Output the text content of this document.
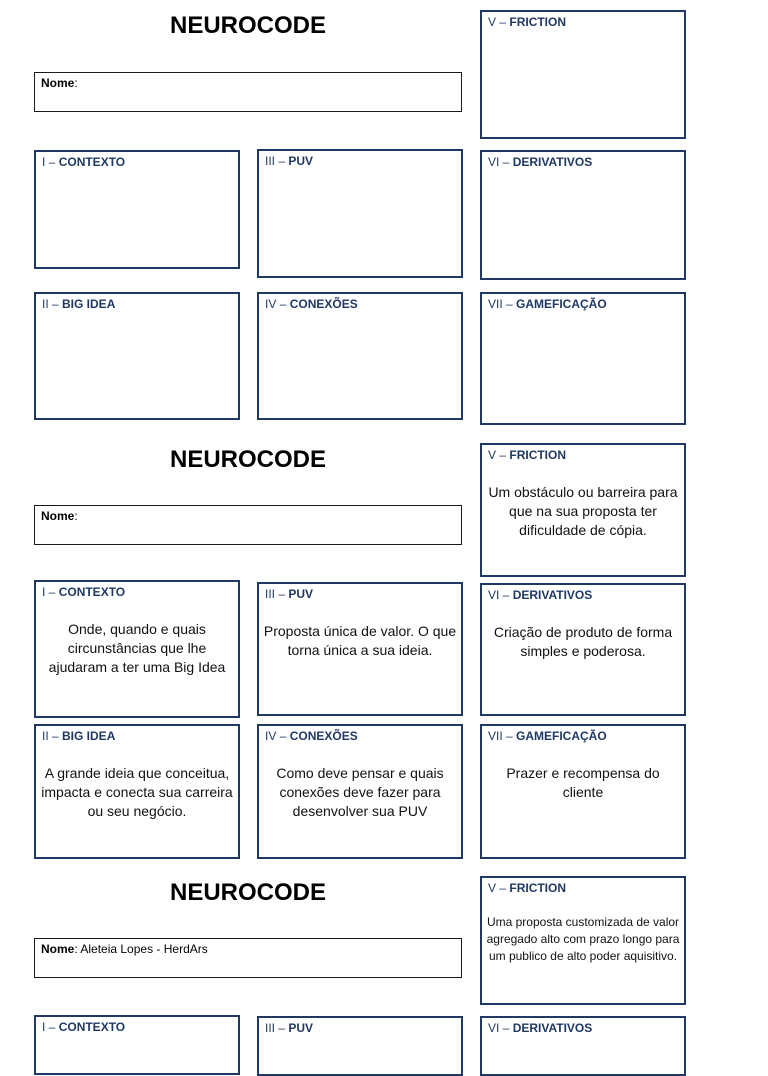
NEUROCODE
Nome:
I – CONTEXTO
II – BIG IDEA
III – PUV
IV – CONEXÕES
V – FRICTION
VI – DERIVATIVOS
VII – GAMEFICAÇÃO
NEUROCODE
Nome:
I – CONTEXTO
Onde, quando e quais circunstâncias que lhe ajudaram a ter uma Big Idea
II – BIG IDEA
A grande ideia que conceitua, impacta e conecta sua carreira ou seu negócio.
III – PUV
Proposta única de valor. O que torna única a sua ideia.
IV – CONEXÕES
Como deve pensar e quais conexões deve fazer para desenvolver sua PUV
V – FRICTION
Um obstáculo ou barreira para que na sua proposta ter dificuldade de cópia.
VI – DERIVATIVOS
Criação de produto de forma simples e poderosa.
VII – GAMEFICAÇÃO
Prazer e recompensa do cliente
NEUROCODE
Nome: Aleteia Lopes - HerdArs
I – CONTEXTO	III – PUV
V – FRICTION
Uma proposta customizada de valor agregado alto com prazo longo para um publico de alto poder aquisitivo.
VI – DERIVATIVOS
